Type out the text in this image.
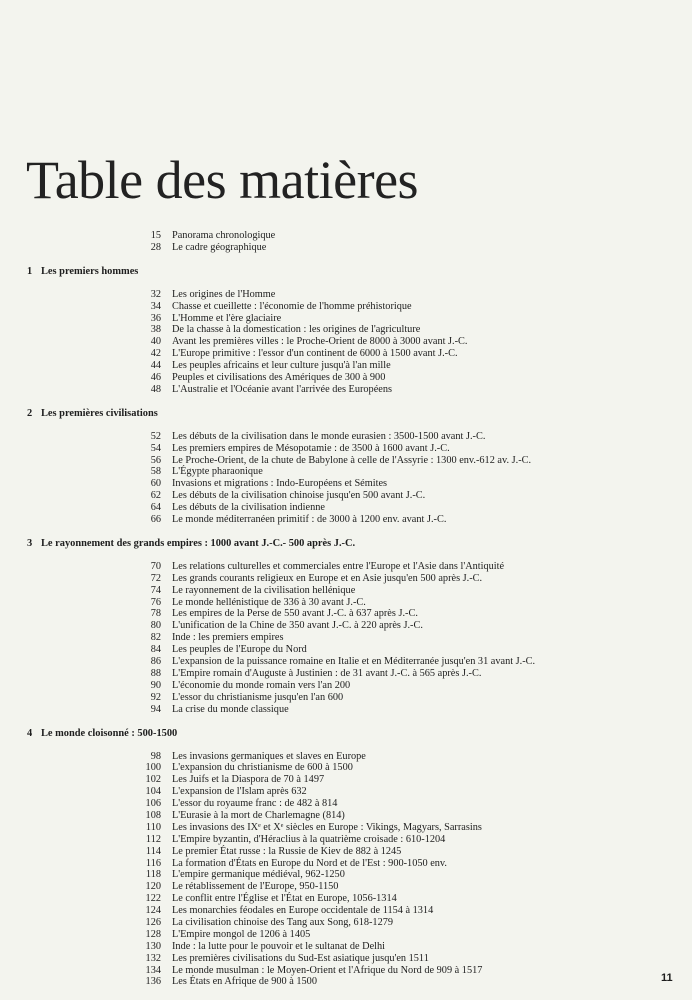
Table des matières
15	Panorama chronologique
28	Le cadre géographique
1 Les premiers hommes
32	Les origines de l'Homme
34	Chasse et cueillette : l'économie de l'homme préhistorique
36	L'Homme et l'ère glaciaire
38	De la chasse à la domestication : les origines de l'agriculture
40	Avant les premières villes : le Proche-Orient de 8000 à 3000 avant J.-C.
42	L'Europe primitive : l'essor d'un continent de 6000 à 1500 avant J.-C.
44	Les peuples africains et leur culture jusqu'à l'an mille
46	Peuples et civilisations des Amériques de 300 à 900
48	L'Australie et l'Océanie avant l'arrivée des Européens
2 Les premières civilisations
52	Les débuts de la civilisation dans le monde eurasien : 3500-1500 avant J.-C.
54	Les premiers empires de Mésopotamie : de 3500 à 1600 avant J.-C.
56	Le Proche-Orient, de la chute de Babylone à celle de l'Assyrie : 1300 env.-612 av. J.-C.
58	L'Égypte pharaonique
60	Invasions et migrations : Indo-Européens et Sémites
62	Les débuts de la civilisation chinoise jusqu'en 500 avant J.-C.
64	Les débuts de la civilisation indienne
66	Le monde méditerranéen primitif : de 3000 à 1200 env. avant J.-C.
3 Le rayonnement des grands empires : 1000 avant J.-C.- 500 après J.-C.
70	Les relations culturelles et commerciales entre l'Europe et l'Asie dans l'Antiquité
72	Les grands courants religieux en Europe et en Asie jusqu'en 500 après J.-C.
74	Le rayonnement de la civilisation hellénique
76	Le monde hellénistique de 336 à 30 avant J.-C.
78	Les empires de la Perse de 550 avant J.-C. à 637 après J.-C.
80	L'unification de la Chine de 350 avant J.-C. à 220 après J.-C.
82	Inde : les premiers empires
84	Les peuples de l'Europe du Nord
86	L'expansion de la puissance romaine en Italie et en Méditerranée jusqu'en 31 avant J.-C.
88	L'Empire romain d'Auguste à Justinien : de 31 avant J.-C. à 565 après J.-C.
90	L'économie du monde romain vers l'an 200
92	L'essor du christianisme jusqu'en l'an 600
94	La crise du monde classique
4 Le monde cloisonné : 500-1500
98	Les invasions germaniques et slaves en Europe
100	L'expansion du christianisme de 600 à 1500
102	Les Juifs et la Diaspora de 70 à 1497
104	L'expansion de l'Islam après 632
106	L'essor du royaume franc : de 482 à 814
108	L'Eurasie à la mort de Charlemagne (814)
110	Les invasions des IXᵉ et Xᵉ siècles en Europe : Vikings, Magyars, Sarrasins
112	L'Empire byzantin, d'Héraclius à la quatrième croisade : 610-1204
114	Le premier État russe : la Russie de Kiev de 882 à 1245
116	La formation d'États en Europe du Nord et de l'Est : 900-1050 env.
118	L'empire germanique médiéval, 962-1250
120	Le rétablissement de l'Europe, 950-1150
122	Le conflit entre l'Église et l'État en Europe, 1056-1314
124	Les monarchies féodales en Europe occidentale de 1154 à 1314
126	La civilisation chinoise des Tang aux Song, 618-1279
128	L'Empire mongol de 1206 à 1405
130	Inde : la lutte pour le pouvoir et le sultanat de Delhi
132	Les premières civilisations du Sud-Est asiatique jusqu'en 1511
134	Le monde musulman : le Moyen-Orient et l'Afrique du Nord de 909 à 1517
136	Les États en Afrique de 900 à 1500	11
